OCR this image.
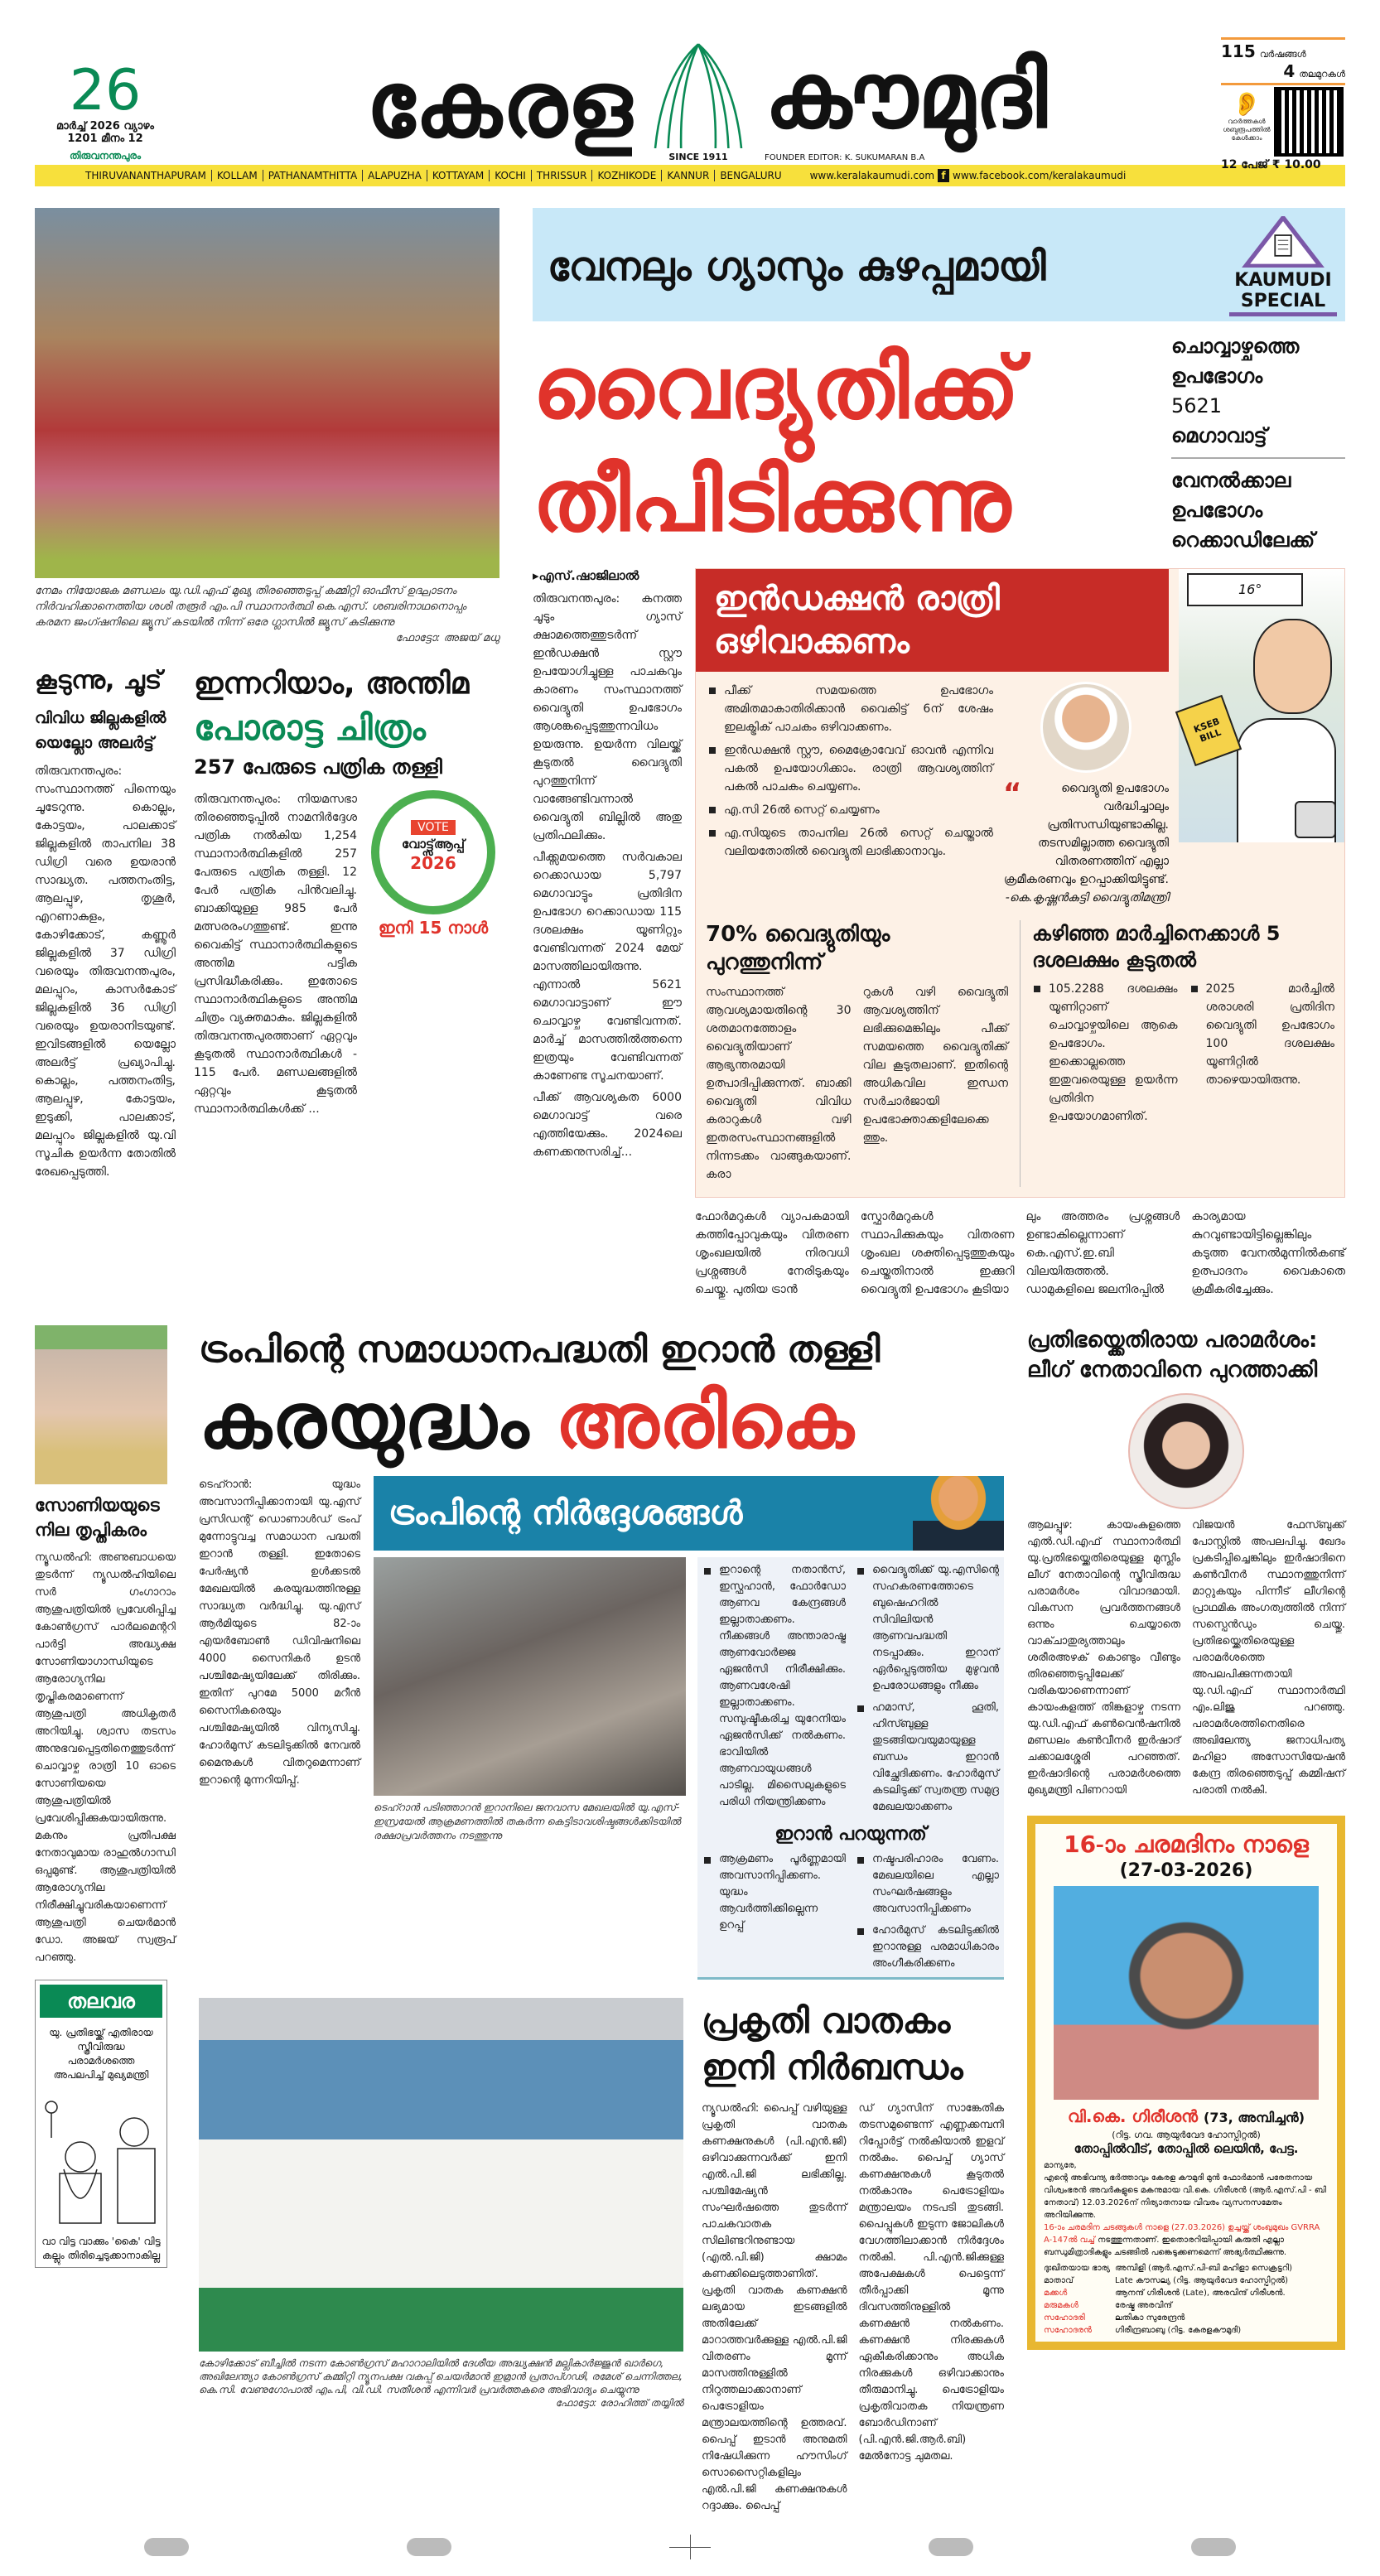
26
മാർച്ച് 2026 വ്യാഴം
1201 മീനം 12
തിരുവനന്തപുരം	കേരള	SINCE 1911
കൗമുദി
FOUNDER EDITOR: K. SUKUMARAN B.A
115 വർഷങ്ങൾ
4 തലമുറകൾ
👂
വാർത്തകൾ ശബ്ദരൂപത്തിൽ കേൾക്കാം
12 പേജ് ₹ 10.00
THIRUVANANTHAPURAM	KOLLAM	PATHANAMTHITTA	ALAPUZHA	KOTTAYAM	KOCHI	THRISSUR	KOZHIKODE	KANNUR	BENGALURU	www.keralakaumudi.com f www.facebook.com/keralakaumudi
നേമം നിയോജക മണ്ഡലം യു.ഡി.എഫ് മുഖ്യ തിരഞ്ഞെടുപ്പ് കമ്മിറ്റി ഓഫീസ് ഉദ്ഘാടനം നിർവഹിക്കാനെത്തിയ ശശി തരൂർ എം.പി സ്ഥാനാർത്ഥി കെ.എസ്. ശബരിനാഥനൊപ്പം കരമന ജംഗ്ഷനിലെ ജ്യൂസ് കടയിൽ നിന്ന് ഒരേ ഗ്ലാസിൽ ജ്യൂസ് കുടിക്കുന്നു
ഫോട്ടോ: അജയ് മധു
കൂടുന്നു, ചൂട്
വിവിധ ജില്ലകളിൽ
യെല്ലോ അലർട്ട്

തിരുവനന്തപുരം: സംസ്ഥാനത്ത് പിന്നെയും ചൂടേറുന്നു. കൊല്ലം, കോട്ടയം, പാലക്കാട് ജില്ലകളിൽ താപനില 38 ഡിഗ്രി വരെ ഉയരാൻ സാദ്ധ്യത. പത്തനംതിട്ട, ആലപ്പുഴ, തൃശൂർ, എറണാകുളം, കോഴിക്കോട്, കണ്ണൂർ ജില്ലകളിൽ 37 ഡിഗ്രി വരെയും തിരുവനന്തപുരം, മലപ്പുറം, കാസർകോട് ജില്ലകളിൽ 36 ഡിഗ്രി വരെയും ഉയരാനിടയുണ്ട്. ഇവിടങ്ങളിൽ യെല്ലോ അലർട്ട് പ്രഖ്യാപിച്ചു. കൊല്ലം, പത്തനംതിട്ട, ആലപ്പുഴ, കോട്ടയം, ഇടുക്കി, പാലക്കാട്, മലപ്പുറം ജില്ലകളിൽ യു.വി സൂചിക ഉയർന്ന തോതിൽ രേഖപ്പെടുത്തി.

ഇന്നറിയാം, അന്തിമ
പോരാട്ട ചിത്രം
257 പേരുടെ പത്രിക തള്ളി

തിരുവനന്തപുരം: നിയമസഭാ തിരഞ്ഞെടുപ്പിൽ നാമനിർദ്ദേശ പത്രിക നൽകിയ 1,254 സ്ഥാനാർത്ഥികളിൽ 257 പേരുടെ പത്രിക തള്ളി. 12 പേർ പത്രിക പിൻവലിച്ചു. ബാക്കിയുള്ള 985 പേർ മത്സരരംഗത്തുണ്ട്. ഇന്നു വൈകിട്ട് സ്ഥാനാർത്ഥികളുടെ അന്തിമ പട്ടിക പ്രസിദ്ധീകരിക്കും. ഇതോടെ സ്ഥാനാർത്ഥികളുടെ അന്തിമ ചിത്രം വ്യക്തമാകും. ജില്ലകളിൽ തിരുവനന്തപുരത്താണ് ഏറ്റവും കൂടുതൽ സ്ഥാനാർത്ഥികൾ - 115 പേർ. മണ്ഡലങ്ങളിൽ ഏറ്റവും കൂടുതൽ സ്ഥാനാർത്ഥികൾക്ക് ...

VOTE
വോട്ട്സ്ആപ്പ്
2026
ഇനി 15 നാൾ
വേനലും ഗ്യാസും കുഴപ്പമായി	KAUMUDI
SPECIAL
വൈദ്യുതിക്ക്
തീപിടിക്കുന്നു
ചൊവ്വാഴ്ചത്തെ
ഉപഭോഗം
5621
മെഗാവാട്ട്
വേനൽക്കാല
ഉപഭോഗം
റെക്കാഡിലേക്ക്
▸എസ്.ഷാജിലാൽ

തിരുവനന്തപുരം: കനത്ത ചൂടും ഗ്യാസ് ക്ഷാമത്തെത്തുടർന്ന് ഇൻഡക്ഷൻ സ്റ്റൗ ഉപയോഗിച്ചുള്ള പാചകവും കാരണം സംസ്ഥാനത്ത് വൈദ്യുതി ഉപഭോഗം ആശങ്കപ്പെടുത്തുന്നവിധം ഉയരുന്നു. ഉയർന്ന വിലയ്ക്ക് കൂടുതൽ വൈദ്യുതി പുറത്തുനിന്ന് വാങ്ങേണ്ടിവന്നാൽ വൈദ്യുതി ബില്ലിൽ അതു പ്രതിഫലിക്കും.

പീക്ക്സമയത്തെ സർവകാല റെക്കാഡായ 5,797 മെഗാവാട്ടും പ്രതിദിന ഉപഭോഗ റെക്കാഡായ 115 ദശലക്ഷം യൂണിറ്റും വേണ്ടിവന്നത് 2024 മേയ് മാസത്തിലായിരുന്നു. എന്നാൽ 5621 മെഗാവാട്ടാണ് ഈ ചൊവ്വാഴ്ച വേണ്ടിവന്നത്. മാർച്ച് മാസത്തിൽത്തന്നെ ഇത്രയും വേണ്ടിവന്നത് കാണേണ്ട സൂചനയാണ്.

പീക്ക് ആവശ്യകത 6000 മെഗാവാട്ട് വരെ എത്തിയേക്കും. 2024ലെ കണക്കനുസരിച്ച്...

ഇൻഡക്ഷൻ രാത്രി
ഒഴിവാക്കണം
16°
KSEB BILL
പീക്ക് സമയത്തെ ഉപഭോഗം അമിതമാകാതിരിക്കാൻ വൈകിട്ട് 6ന് ശേഷം ഇലക്ട്രിക് പാചകം ഒഴിവാക്കണം.
ഇൻഡക്ഷൻ സ്റ്റൗ, മൈക്രോവേവ് ഓവൻ എന്നിവ പകൽ ഉപയോഗിക്കാം. രാത്രി ആവശ്യത്തിന് പകൽ പാചകം ചെയ്യണം.
എ.സി 26ൽ സെറ്റ് ചെയ്യണം
എ.സിയുടെ താപനില 26ൽ സെറ്റ് ചെയ്താൽ വലിയതോതിൽ വൈദ്യുതി ലാഭിക്കാനാവും.
“	വൈദ്യുതി ഉപഭോഗം വർദ്ധിച്ചാലും പ്രതിസന്ധിയുണ്ടാകില്ല. തടസമില്ലാത്ത വൈദ്യുതി വിതരണത്തിന് എല്ലാ ക്രമീകരണവും ഉറപ്പാക്കിയിട്ടുണ്ട്.
-കെ.കൃഷ്ണൻകുട്ടി വൈദ്യുതിമന്ത്രി
70% വൈദ്യുതിയും പുറത്തുനിന്ന്

സംസ്ഥാനത്ത് ആവശ്യമായതിന്റെ 30 ശതമാനത്തോളം വൈദ്യുതിയാണ് ആഭ്യന്തരമായി ഉത്പാദിപ്പിക്കുന്നത്. ബാക്കി വൈദ്യുതി വിവിധ കരാറുകൾ വഴി ഇതരസംസ്ഥാനങ്ങളിൽ നിന്നടക്കം വാങ്ങുകയാണ്. കരാ

റുകൾ വഴി വൈദ്യുതി ആവശ്യത്തിന് ലഭിക്കുമെങ്കിലും പീക്ക് സമയത്തെ വൈദ്യുതിക്ക് വില കൂടുതലാണ്. ഇതിന്റെ അധികവില ഇന്ധന സർചാർജായി ഉപഭോക്താക്കളിലേക്കെത്തും.

കഴിഞ്ഞ മാർച്ചിനെക്കാൾ 5 ദശലക്ഷം കൂടുതൽ
105.2288 ദശലക്ഷം യൂണിറ്റാണ് ചൊവ്വാഴ്ചയിലെ ആകെ ഉപഭോഗം. ഇക്കൊല്ലത്തെ ഇതുവരെയുള്ള ഉയർന്ന പ്രതിദിന ഉപയോഗമാണിത്.
2025 മാർച്ചിൽ ശരാശരി പ്രതിദിന വൈദ്യുതി ഉപഭോഗം 100 ദശലക്ഷം യൂണിറ്റിൽ താഴെയായിരുന്നു.

ഫോർമറുകൾ വ്യാപകമായി കത്തിപ്പോവുകയും വിതരണ ശൃംഖലയിൽ നിരവധി പ്രശ്നങ്ങൾ നേരിടുകയും ചെയ്തു. പുതിയ ട്രാൻ

സ്ഫോർമറുകൾ സ്ഥാപിക്കുകയും വിതരണ ശൃംഖല ശക്തിപ്പെടുത്തുകയും ചെയ്തതിനാൽ ഇക്കുറി വൈദ്യുതി ഉപഭോഗം കൂടിയാ

ലും അത്തരം പ്രശ്നങ്ങൾ ഉണ്ടാകില്ലെന്നാണ് കെ.എസ്.ഇ.ബി വിലയിരുത്തൽ. ഡാമുകളിലെ ജലനിരപ്പിൽ

കാര്യമായ കുറവുണ്ടായിട്ടില്ലെങ്കിലും കടുത്ത വേനൽമുന്നിൽകണ്ട് ഉത്പാദനം വൈകാതെ ക്രമീകരിച്ചേക്കും.

സോണിയയുടെ നില തൃപ്തികരം

ന്യൂഡൽഹി: അണുബാധയെ തുടർന്ന് ന്യൂഡൽഹിയിലെ സർ ഗംഗാറാം ആശുപത്രിയിൽ പ്രവേശിപ്പിച്ച കോൺഗ്രസ് പാർലമെന്ററി പാർട്ടി അദ്ധ്യക്ഷ സോണിയാഗാന്ധിയുടെ ആരോഗ്യനില തൃപ്തികരമാണെന്ന് ആശുപത്രി അധികൃതർ അറിയിച്ചു. ശ്വാസ തടസം അനുഭവപ്പെട്ടതിനെത്തുടർന്ന് ചൊവ്വാഴ്ച രാത്രി 10 ഓടെ സോണിയയെ ആശുപത്രിയിൽ പ്രവേശിപ്പിക്കുകയായിരുന്നു. മകനും പ്രതിപക്ഷ നേതാവുമായ രാഹുൽഗാന്ധി ഒപ്പമുണ്ട്. ആശുപത്രിയിൽ ആരോഗ്യനില നിരീക്ഷിച്ചുവരികയാണെന്ന് ആശുപത്രി ചെയർമാൻ ഡോ. അജയ് സ്വരൂപ് പറഞ്ഞു.

തലവര
യു. പ്രതിഭയ്ക്ക് എതിരായ സ്ത്രീവിരുദ്ധ പരാമർശത്തെ അപലപിച്ച് മുഖ്യമന്ത്രി
വാ വിട്ട വാക്കും 'കൈ' വിട്ട കല്ലും തിരിച്ചെടുക്കാനാകില്ല
ട്രംപിന്റെ സമാധാനപദ്ധതി ഇറാൻ തള്ളി
കരയുദ്ധം അരികെ

ടെഹ്റാൻ: യുദ്ധം അവസാനിപ്പിക്കാനായി യു.എസ് പ്രസിഡന്റ് ഡൊണാൾഡ് ട്രംപ് മുന്നോട്ടുവച്ച സമാധാന പദ്ധതി ഇറാൻ തള്ളി. ഇതോടെ പേർഷ്യൻ ഉൾക്കടൽ മേഖലയിൽ കരയുദ്ധത്തിനുള്ള സാദ്ധ്യത വർദ്ധിച്ചു. യു.എസ് ആർമിയുടെ 82-ാം എയർബോൺ ഡിവിഷനിലെ 4000 സൈനികർ ഉടൻ പശ്ചിമേഷ്യയിലേക്ക് തിരിക്കും. ഇതിന് പുറമേ 5000 മറീൻ സൈനികരെയും പശ്ചിമേഷ്യയിൽ വിന്യസിച്ചു. ഹോർമുസ് കടലിടുക്കിൽ നേവൽ മൈനുകൾ വിതറുമെന്നാണ് ഇറാന്റെ മുന്നറിയിപ്പ്.

ട്രംപിന്റെ നിർദ്ദേശങ്ങൾ

ടെഹ്റാൻ പടിഞ്ഞാറൻ ഇറാനിലെ ജനവാസ മേഖലയിൽ യു.എസ്-ഇസ്രയേൽ ആക്രമണത്തിൽ തകർന്ന കെട്ടിടാവശിഷ്ടങ്ങൾക്കിടയിൽ രക്ഷാപ്രവർത്തനം നടത്തുന്നു

ഇറാന്റെ നതാൻസ്, ഇസ്ഫഹാൻ, ഫോർഡോ ആണവ കേന്ദ്രങ്ങൾ ഇല്ലാതാക്കണം. നീക്കങ്ങൾ അന്താരാഷ്ട്ര ആണവോർജ്ജ ഏജൻസി നിരീക്ഷിക്കും. ആണവശേഷി ഇല്ലാതാക്കണം. സമ്പുഷ്ടീകരിച്ച യുറേനിയം ഏജൻസിക്ക് നൽകണം. ഭാവിയിൽ ആണവായുധങ്ങൾ പാടില്ല. മിസൈലുകളുടെ പരിധി നിയന്ത്രിക്കണം
വൈദ്യുതിക്ക് യു.എസിന്റെ സഹകരണത്തോടെ ബുഷെഹറിൽ സിവിലിയൻ ആണവപദ്ധതി നടപ്പാക്കും. ഇറാന് ഏർപ്പെടുത്തിയ മുഴുവൻ ഉപരോധങ്ങളും നീക്കും
ഹമാസ്, ഹൂതി, ഹിസ്ബുള്ള തുടങ്ങിയവയുമായുള്ള ബന്ധം ഇറാൻ വിച്ഛേദിക്കണം. ഹോർമുസ് കടലിടുക്ക് സ്വതന്ത്ര സമുദ്ര മേഖലയാക്കണം
ഇറാൻ പറയുന്നത്
ആക്രമണം പൂർണ്ണമായി അവസാനിപ്പിക്കണം. യുദ്ധം ആവർത്തിക്കില്ലെന്ന ഉറപ്പ്
നഷ്ടപരിഹാരം വേണം. മേഖലയിലെ എല്ലാ സംഘർഷങ്ങളും അവസാനിപ്പിക്കണം
ഹോർമുസ് കടലിടുക്കിൽ ഇറാനുള്ള പരമാധികാരം അംഗീകരിക്കണം
കോഴിക്കോട് ബീച്ചിൽ നടന്ന കോൺഗ്രസ് മഹാറാലിയിൽ ദേശീയ അദ്ധ്യക്ഷൻ മല്ലികാർജ്ജുൻ ഖാർഗെ, അഖിലേന്ത്യാ കോൺഗ്രസ് കമ്മിറ്റി ന്യൂനപക്ഷ വകുപ്പ് ചെയർമാൻ ഇമ്രാൻ പ്രതാപ്ഗഢി, രമേശ് ചെന്നിത്തല, കെ.സി. വേണുഗോപാൽ എം.പി, വി.ഡി. സതീശൻ എന്നിവർ പ്രവർത്തകരെ അഭിവാദ്യം ചെയ്യുന്നു
ഫോട്ടോ: രോഹിത്ത് തയ്യിൽ
പ്രകൃതി വാതകം
ഇനി നിർബന്ധം

ന്യൂഡൽഹി: പൈപ്പ് വഴിയുള്ള പ്രകൃതി വാതക കണക്ഷനുകൾ (പി.എൻ.ജി) ഒഴിവാക്കുന്നവർക്ക് ഇനി എൽ.പി.ജി ലഭിക്കില്ല. പശ്ചിമേഷ്യൻ സംഘർഷത്തെ തുടർന്ന് പാചകവാതക സിലിണ്ടറിനുണ്ടായ (എൽ.പി.ജി) ക്ഷാമം കണക്കിലെടുത്താണിത്. പ്രകൃതി വാതക കണക്ഷൻ ലഭ്യമായ ഇടങ്ങളിൽ അതിലേക്ക് മാറാത്തവർക്കുള്ള എൽ.പി.ജി വിതരണം മൂന്ന് മാസത്തിനുള്ളിൽ നിറുത്തലാക്കാനാണ് പെട്രോളിയം മന്ത്രാലയത്തിന്റെ ഉത്തരവ്. പൈപ്പ് ഇടാൻ അനുമതി നിഷേധിക്കുന്ന ഹൗസിംഗ് സൊസൈറ്റികളിലും എൽ.പി.ജി കണക്ഷനുകൾ റദ്ദാക്കും. പൈപ്പ്

ഡ് ഗ്യാസിന് സാങ്കേതിക തടസമുണ്ടെന്ന് എണ്ണക്കമ്പനി റിപ്പോർട്ട് നൽകിയാൽ ഇളവ് നൽകും. പൈപ്പ് ഗ്യാസ് കണക്ഷനുകൾ കൂടുതൽ നൽകാനും പെട്രോളിയം മന്ത്രാലയം നടപടി തുടങ്ങി. പൈപ്പുകൾ ഇടുന്ന ജോലികൾ വേഗത്തിലാക്കാൻ നിർദ്ദേശം നൽകി. പി.എൻ.ജിക്കുള്ള അപേക്ഷകൾ പെട്ടെന്ന് തീർപ്പാക്കി മൂന്നു ദിവസത്തിനുള്ളിൽ കണക്ഷൻ നൽകണം. കണക്ഷൻ നിരക്കുകൾ ഏകീകരിക്കാനും അധിക നിരക്കുകൾ ഒഴിവാക്കാനും തീരുമാനിച്ചു. പെട്രോളിയം പ്രകൃതിവാതക നിയന്ത്രണ ബോർഡിനാണ് (പി.എൻ.ജി.ആർ.ബി) മേൽനോട്ട ചുമതല.

പ്രതിഭയ്ക്കെതിരായ പരാമർശം:
ലീഗ് നേതാവിനെ പുറത്താക്കി

ആലപ്പുഴ: കായംകുളത്തെ എൽ.ഡി.എഫ് സ്ഥാനാർത്ഥി യു.പ്രതിഭയ്ക്കെതിരെയുള്ള മുസ്ലിം ലീഗ് നേതാവിന്റെ സ്ത്രീവിരുദ്ധ പരാമർശം വിവാദമായി. വികസന പ്രവർത്തനങ്ങൾ ഒന്നും ചെയ്യാതെ വാക്ചാതുര്യത്താലും ശരീരഅഴക് കൊണ്ടും വീണ്ടും തിരഞ്ഞെടുപ്പിലേക്ക് വരികയാണെന്നാണ് കായംകുളത്ത് തിങ്കളാഴ്ച നടന്ന യു.ഡി.എഫ് കൺവെൻഷനിൽ മണ്ഡലം കൺവീനർ ഇർഷാദ് ചക്കാലശ്ശേരി പറഞ്ഞത്. ഇർഷാദിന്റെ പരാമർശത്തെ മുഖ്യമന്ത്രി പിണറായി

വിജയൻ ഫേസ്ബുക്ക് പോസ്റ്റിൽ അപലപിച്ചു. ഖേദം പ്രകടിപ്പിച്ചെങ്കിലും ഇർഷാദിനെ കൺവീനർ സ്ഥാനത്തുനിന്ന് മാറ്റുകയും പിന്നീട് ലീഗിന്റെ പ്രാഥമിക അംഗത്വത്തിൽ നിന്ന് സസ്പെൻഡും ചെയ്തു. പ്രതിഭയ്ക്കെതിരെയുള്ള പരാമർശത്തെ അപലപിക്കുന്നതായി യു.ഡി.എഫ് സ്ഥാനാർത്ഥി എം.ലിജു പറഞ്ഞു. പരാമർശത്തിനെതിരെ അഖിലേന്ത്യ ജനാധിപത്യ മഹിളാ അസോസിയേഷൻ കേന്ദ്ര തിരഞ്ഞെടുപ്പ് കമ്മിഷന് പരാതി നൽകി.

16-ാം ചരമദിനം നാളെ
(27-03-2026)
വി.കെ. ഗിരീശൻ (73, അമ്പിച്ചൻ)
(റിട്ട. ഗവ. ആയുർവേദ ഹോസ്പിറ്റൽ)
തോപ്പിൽവീട്, തോപ്പിൽ ലെയിൻ, പേട്ട.
മാന്യരേ,
എന്റെ അഭിവന്ദ്യ ഭർത്താവും കേരള കൗമുദി മുൻ ഫോർമാൻ പരേതനായ വിശ്വംഭരൻ അവർകളുടെ മകനുമായ വി.കെ. ഗിരീശൻ (ആർ.എസ്.പി - ബി നേതാവ്) 12.03.2026ന് നിര്യാതനായ വിവരം വ്യസനസമേതം അറിയിക്കുന്നു.
16-ാം ചരമദിന ചടങ്ങുകൾ നാളെ (27.03.2026) ഉച്ചയ്ക്ക് ശംഖുമുഖം GVRRA A-147ൽ വച്ച് നടത്തുന്നതാണ്. ഇതൊരറിയിപ്പായി കരുതി എല്ലാ ബന്ധുമിത്രാദികളും ചടങ്ങിൽ പങ്കെടുക്കണമെന്ന് അഭ്യർത്ഥിക്കുന്നു.
ദുഃഖിതയായ ഭാര്യ	അമ്പിളി (ആർ.എസ്.പി-ബി മഹിളാ സെക്രട്ടറി)
മാതാവ്	Late കൗസല്യ (റിട്ട. ആയുർവേദ ഹോസ്പിറ്റൽ)
മക്കൾ	ആനന്ദ് ഗിരീശൻ (Late), അരവിന്ദ് ഗിരീശൻ.
മരുമകൾ	രേഷ്മ അരവിന്ദ്
സഹോദരി	ലതികാ സുരേന്ദ്രൻ
സഹോദരൻ	ഗിരീന്ദ്രബാബു (റിട്ട. കേരളകൗമുദി)
